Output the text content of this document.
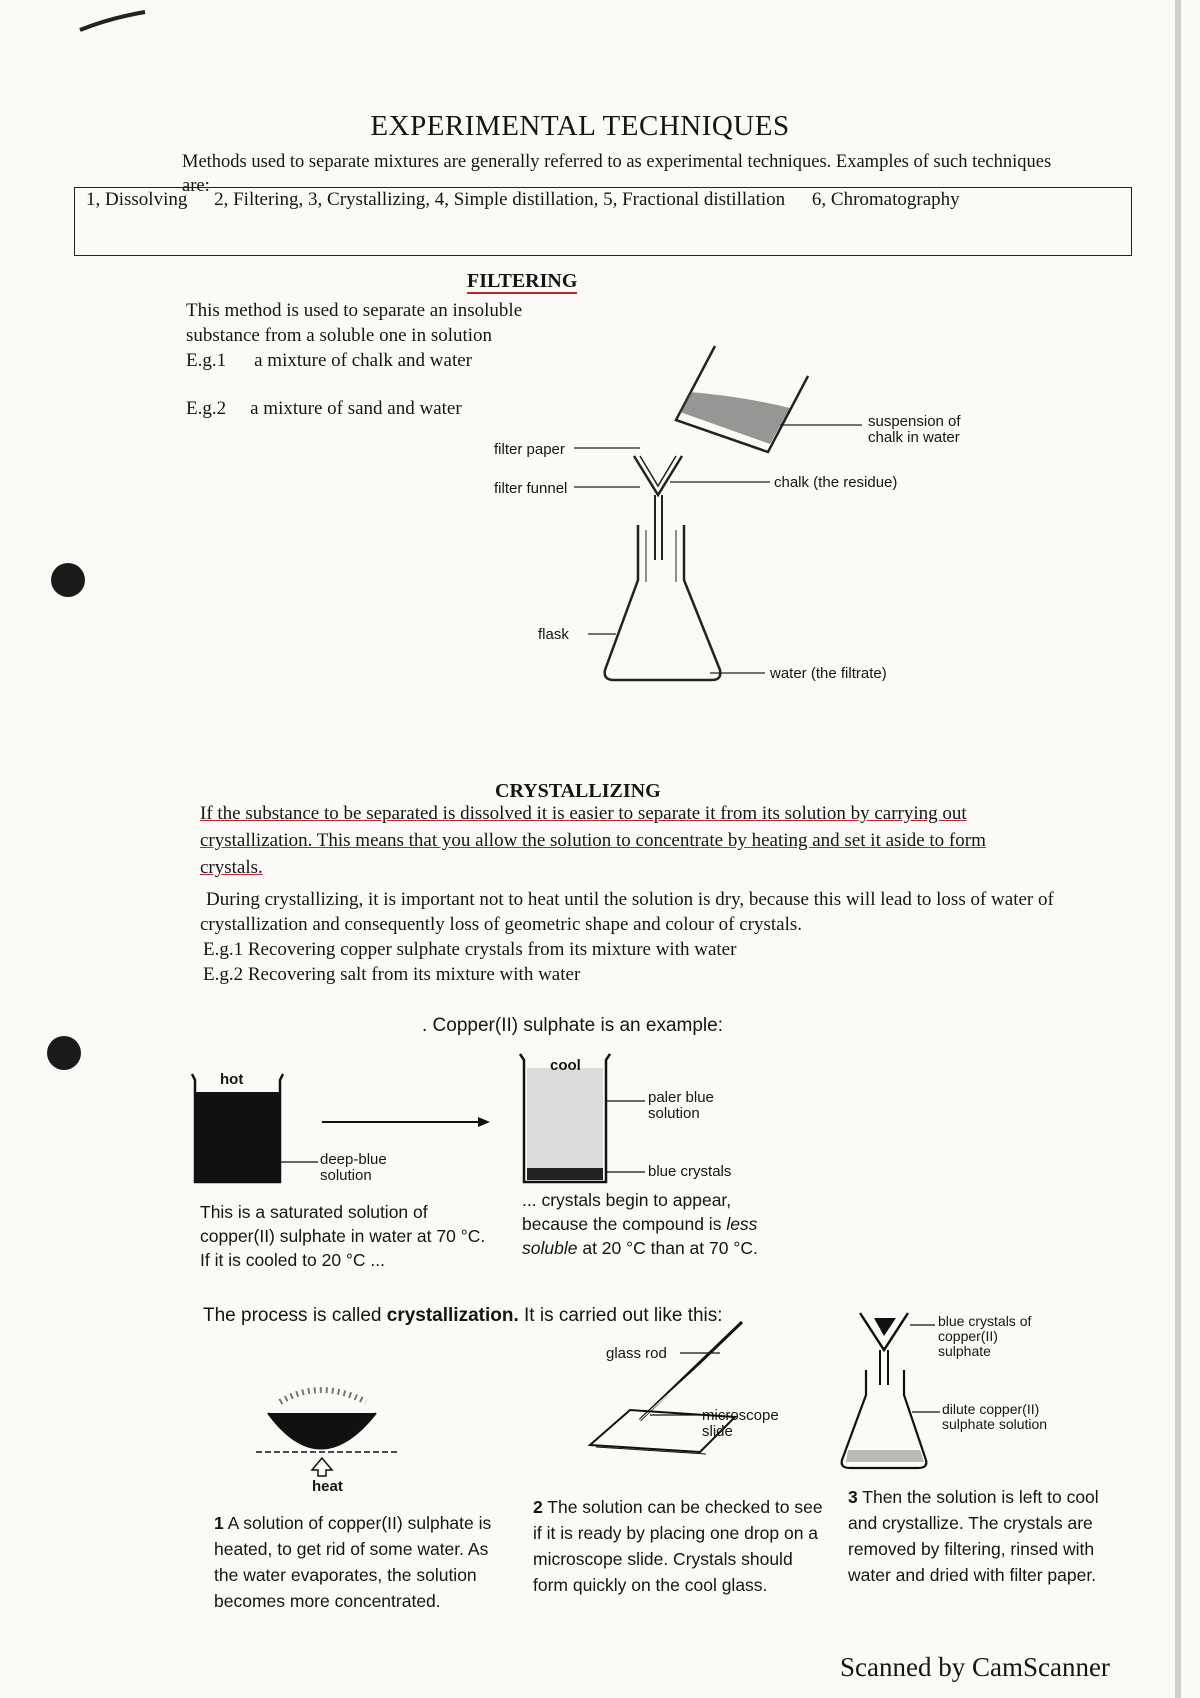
EXPERIMENTAL TECHNIQUES
Methods used to separate mixtures are generally referred to as experimental techniques. Examples of such techniques are:
1, Dissolving 2, Filtering, 3, Crystallizing, 4, Simple distillation, 5, Fractional distillation 6, Chromatography
FILTERING
This method is used to separate an insoluble
substance from a soluble one in solution
E.g.1 a mixture of chalk and water
E.g.2 a mixture of sand and water
filter paper
filter funnel
flask
suspension of chalk in water
chalk (the residue)
water (the filtrate)
CRYSTALLIZING
If the substance to be separated is dissolved it is easier to separate it from its solution by carrying out crystallization. This means that you allow the solution to concentrate by heating and set it aside to form crystals.
During crystallizing, it is important not to heat until the solution is dry, because this will lead to loss of water of crystallization and consequently loss of geometric shape and colour of crystals.
E.g.1 Recovering copper sulphate crystals from its mixture with water
E.g.2 Recovering salt from its mixture with water
. Copper(II) sulphate is an example:
hot
cool
deep-blue solution
paler blue solution
blue crystals
This is a saturated solution of copper(II) sulphate in water at 70 °C. If it is cooled to 20 °C ...
... crystals begin to appear, because the compound is less soluble at 20 °C than at 70 °C.
The process is called crystallization. It is carried out like this:
heat
glass rod
microscope slide
blue crystals of copper(II) sulphate
dilute copper(II) sulphate solution
1 A solution of copper(II) sulphate is heated, to get rid of some water. As the water evaporates, the solution becomes more concentrated.
2 The solution can be checked to see if it is ready by placing one drop on a microscope slide. Crystals should form quickly on the cool glass.
3 Then the solution is left to cool and crystallize. The crystals are removed by filtering, rinsed with water and dried with filter paper.
Scanned by CamScanner
